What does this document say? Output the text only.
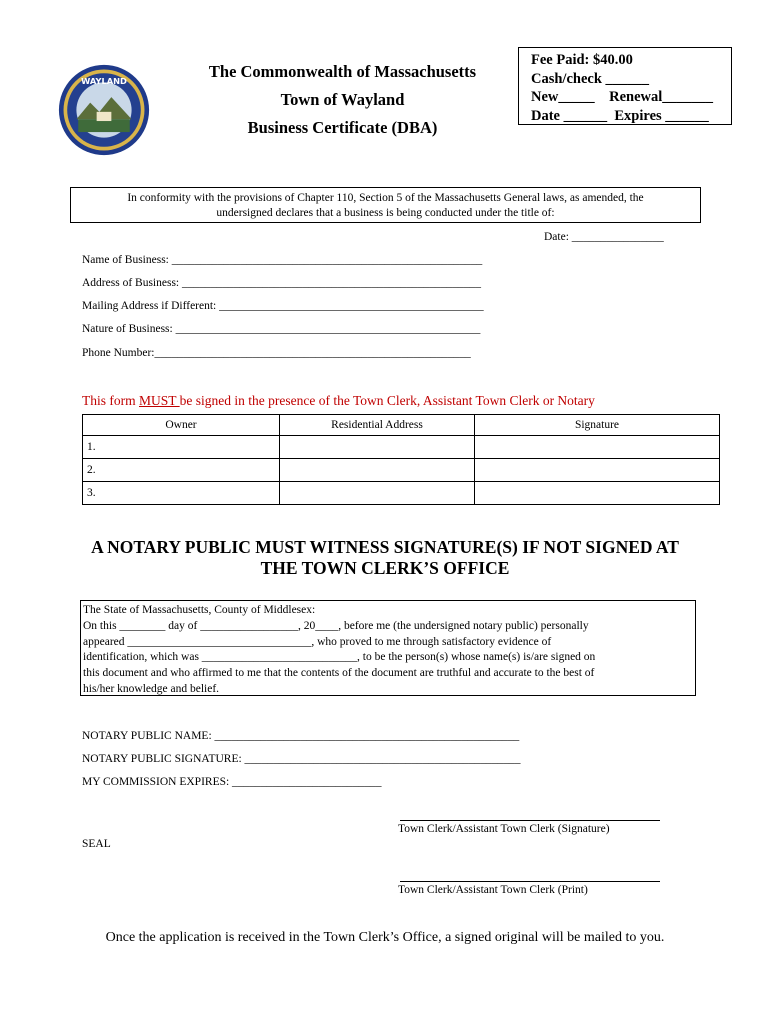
WAYLAND
The Commonwealth of Massachusetts
Town of Wayland
Business Certificate (DBA)
Fee Paid: $40.00
Cash/check ______
New_____ Renewal_______
Date ______ Expires ______
In conformity with the provisions of Chapter 110, Section 5 of the Massachusetts General laws, as amended, the
undersigned declares that a business is being conducted under the title of:
Date: ________________
Name of Business: ______________________________________________________
Address of Business: ____________________________________________________
Mailing Address if Different: ______________________________________________
Nature of Business: _____________________________________________________
Phone Number:_______________________________________________________
This form MUST be signed in the presence of the Town Clerk, Assistant Town Clerk or Notary
Owner	Residential Address	Signature
1.		
2.		
3.		
A NOTARY PUBLIC MUST WITNESS SIGNATURE(S) IF NOT SIGNED AT
THE TOWN CLERK’S OFFICE
The State of Massachusetts, County of Middlesex:
On this ________ day of _________________, 20____, before me (the undersigned notary public) personally
appeared ________________________________, who proved to me through satisfactory evidence of
identification, which was ___________________________, to be the person(s) whose name(s) is/are signed on
this document and who affirmed to me that the contents of the document are truthful and accurate to the best of
his/her knowledge and belief.
NOTARY PUBLIC NAME: _____________________________________________________
NOTARY PUBLIC SIGNATURE: ________________________________________________
MY COMMISSION EXPIRES: __________________________
Town Clerk/Assistant Town Clerk (Signature)
SEAL
Town Clerk/Assistant Town Clerk (Print)
Once the application is received in the Town Clerk’s Office, a signed original will be mailed to you.
